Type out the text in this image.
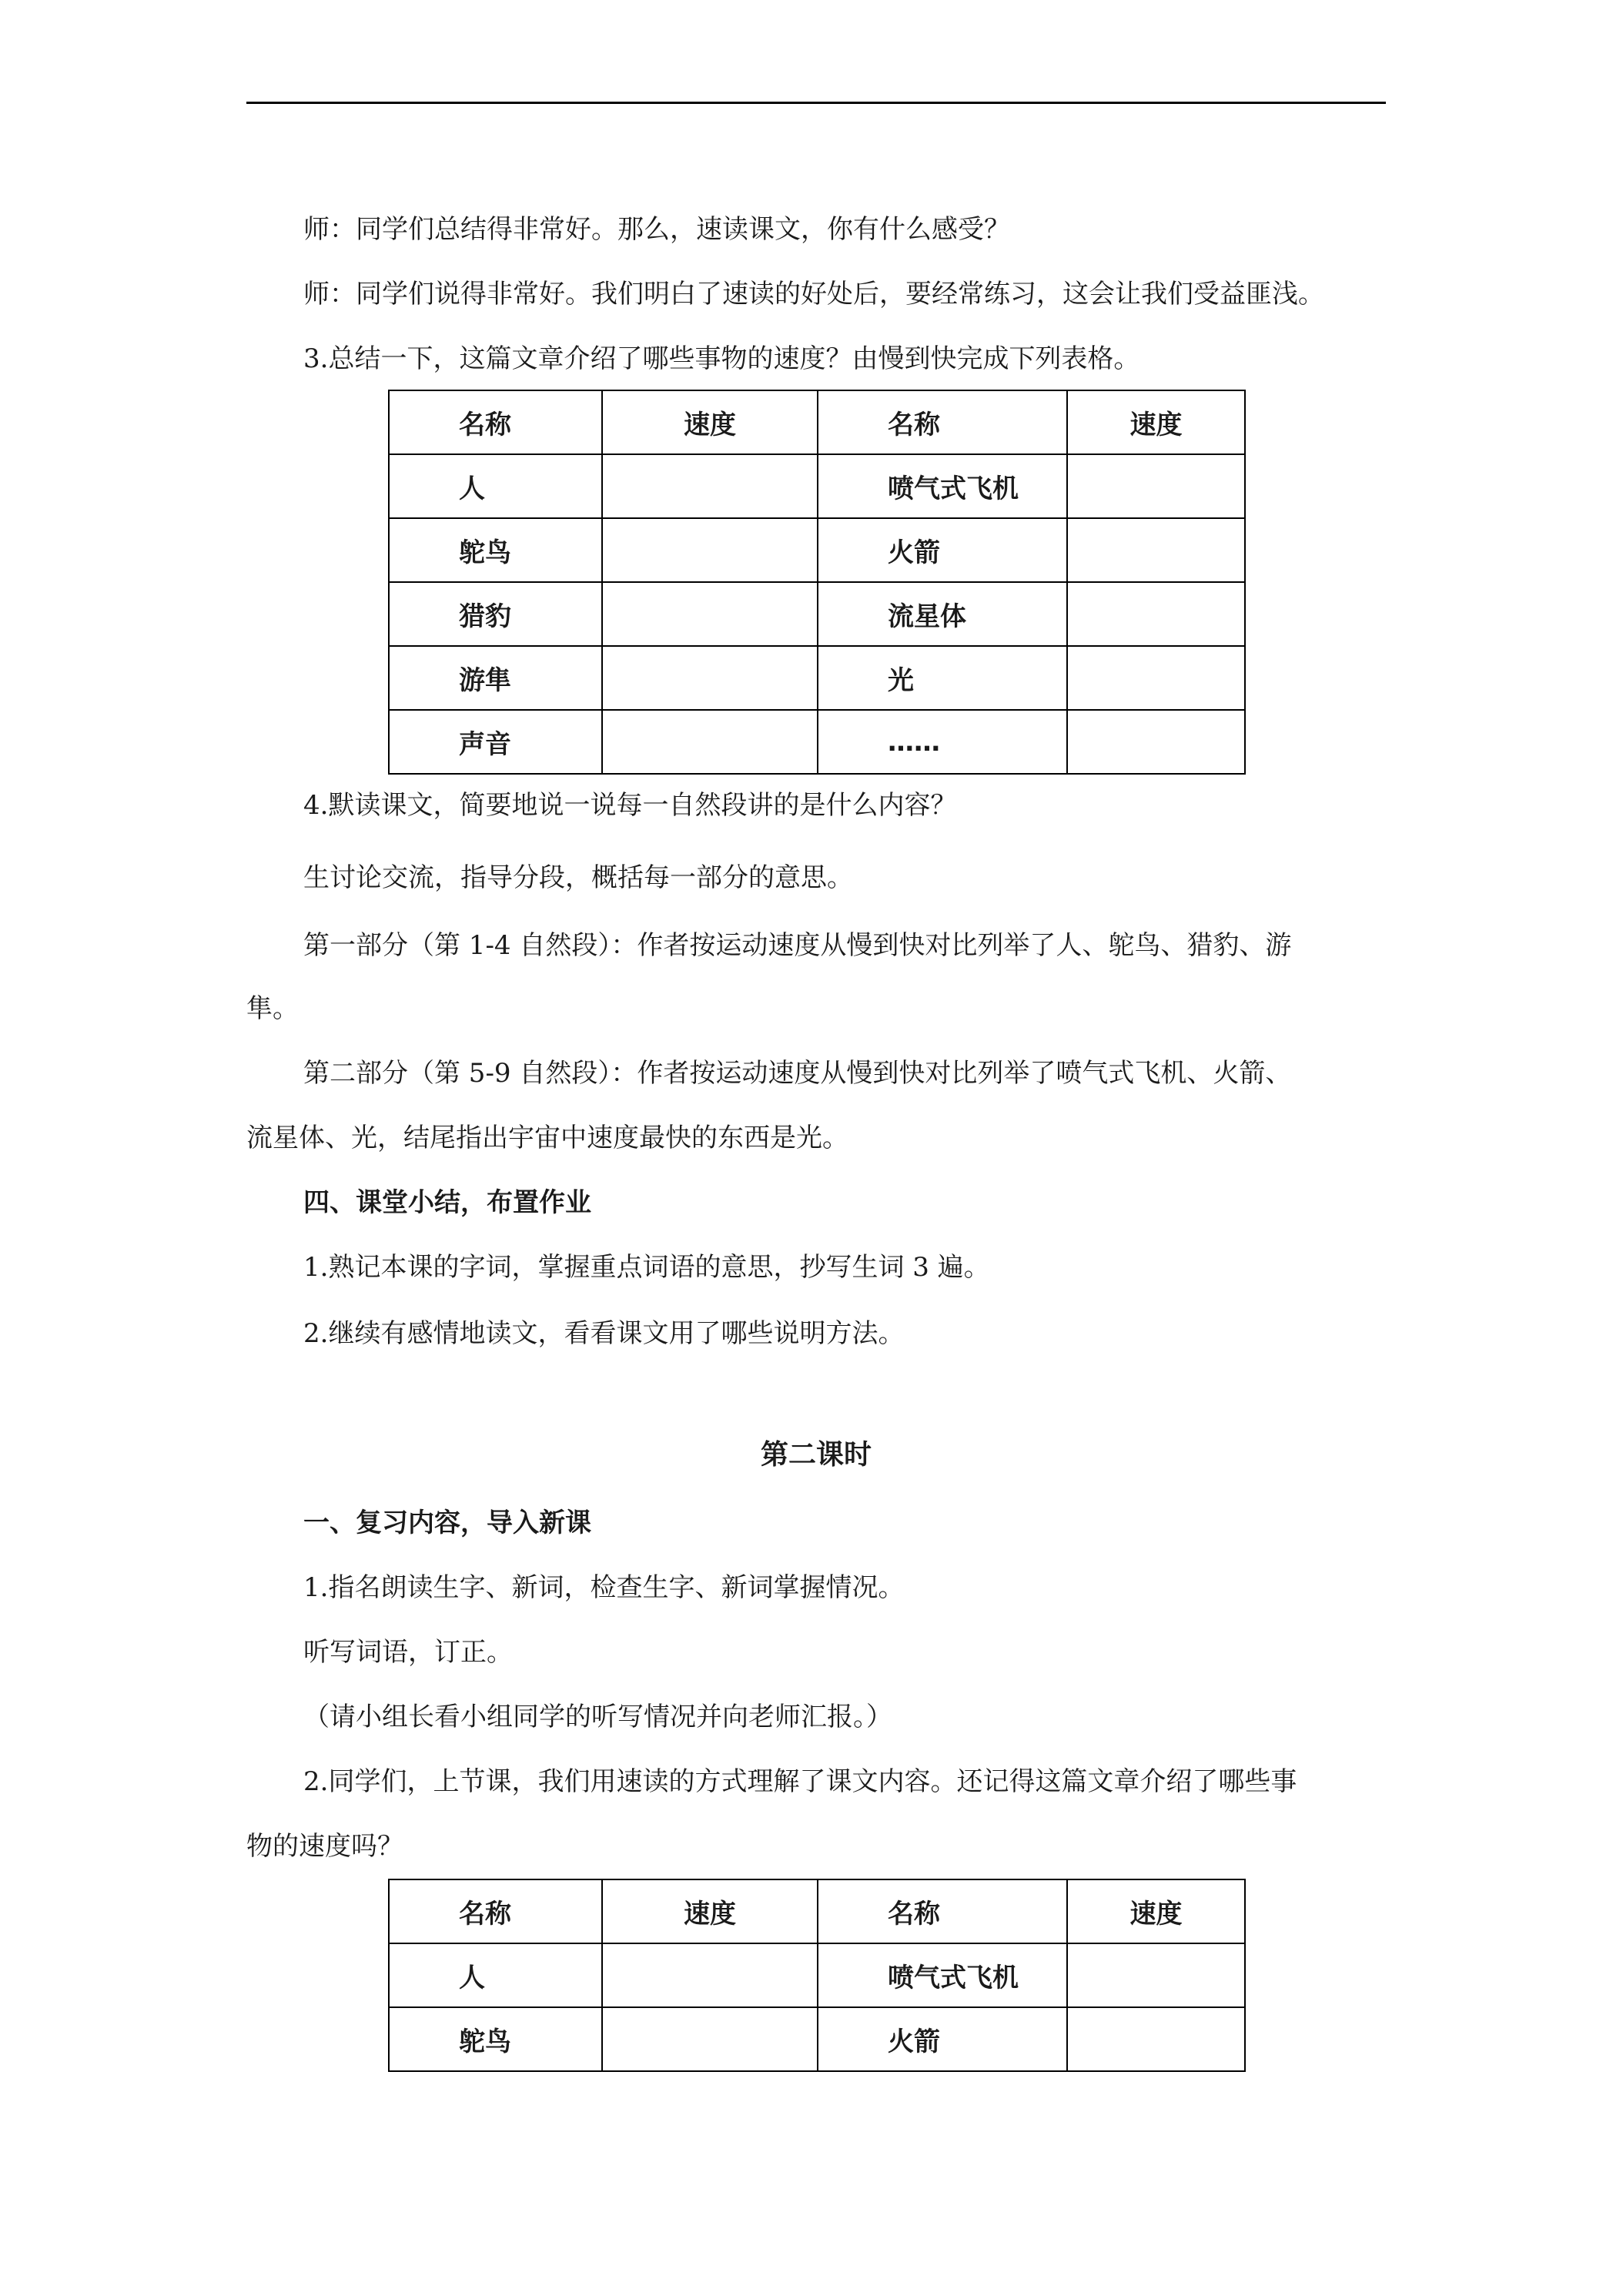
师：同学们总结得非常好。那么，速读课文，你有什么感受？
师：同学们说得非常好。我们明白了速读的好处后，要经常练习，这会让我们受益匪浅。
3.总结一下，这篇文章介绍了哪些事物的速度？由慢到快完成下列表格。
名称	速度	名称	速度
人		喷气式飞机	
鸵鸟		火箭	
猎豹		流星体	
游隼		光	
声音		……	
4.默读课文，简要地说一说每一自然段讲的是什么内容？
生讨论交流，指导分段，概括每一部分的意思。
第一部分（第 1-4 自然段）：作者按运动速度从慢到快对比列举了人、鸵鸟、猎豹、游
隼。
第二部分（第 5-9 自然段）：作者按运动速度从慢到快对比列举了喷气式飞机、火箭、
流星体、光，结尾指出宇宙中速度最快的东西是光。
四、课堂小结，布置作业
1.熟记本课的字词，掌握重点词语的意思，抄写生词 3 遍。
2.继续有感情地读文，看看课文用了哪些说明方法。
第二课时
一、复习内容，导入新课
1.指名朗读生字、新词，检查生字、新词掌握情况。
听写词语，订正。
（请小组长看小组同学的听写情况并向老师汇报。）
2.同学们，上节课，我们用速读的方式理解了课文内容。还记得这篇文章介绍了哪些事
物的速度吗？
名称	速度	名称	速度
人		喷气式飞机	
鸵鸟		火箭	
